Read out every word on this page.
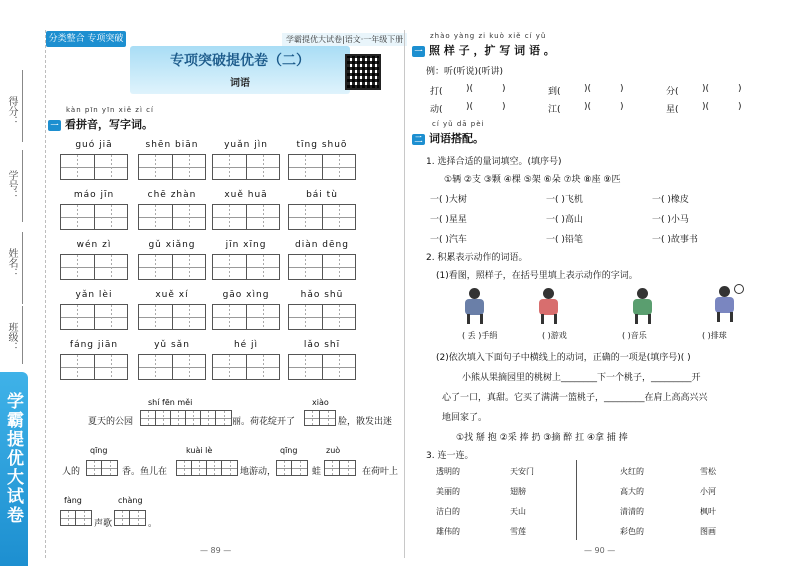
得分：
学号：
姓名：
班级：
学霸提优大试卷
分类整合 专项突破	学霸提优大试卷|语文·一年级下册
专项突破提优卷（二）
词语
kàn pīn yīn xiě zì cí
一 看拼音，写字词。
guó jiā	shēn biān	yuǎn jìn	tīng shuō
máo jīn	chē zhàn	xuě huā	bái tù
wén zì	gǔ xiǎng	jīn xīng	diàn dēng
yǎn lèi	xuě xí	gāo xìng	hǎo shū
fáng jiān	yǔ sǎn	hé jì	lǎo shī
shí fēn měi	xiào
夏天的公园	丽。荷花绽开了	脸，散发出迷
qīng	kuài lè	qīng	zuò
人的	香。鱼儿在	地游动，	蛙	在荷叶上
fàng	chàng
声歌	。
— 89 —
zhào yàng zi kuò xiě cí yǔ
一 照 样 子 ，扩 写 词 语 。
例：听(听说)(听讲)
打(	)(	)	到(	)(	)	分(	)(	)
动(	)(	)	江(	)(	)	星(	)(	)
cí yǔ dā pèi
二 词语搭配。
1. 选择合适的量词填空。(填序号)
①辆 ②支 ③颗 ④棵 ⑤架 ⑥朵 ⑦块 ⑧座 ⑨匹
一( )大树	一( )飞机	一( )橡皮
一( )星星	一( )高山	一( )小马
一( )汽车	一( )铅笔	一( )故事书
2. 积累表示动作的词语。
(1)看图，照样子，在括号里填上表示动作的字词。
( 丢 )手绢	( )游戏	( )音乐	( )排球
(2)依次填入下面句子中横线上的动词，正确的一项是(填序号)( )
小熊从果摘园里的桃树上________下一个桃子，_________开
心了一口，真甜。它买了满满一篮桃子，_________在肩上高高兴兴
地回家了。
①找 掰 抱 ②采 捧 扔 ③摘 醉 扛 ④拿 捕 捧
3. 连一连。
透明的
美丽的
洁白的
雄伟的
天安门
翅膀
天山
雪莲
火红的
高大的
清清的
彩色的
雪松
小河
枫叶
图画
— 90 —
